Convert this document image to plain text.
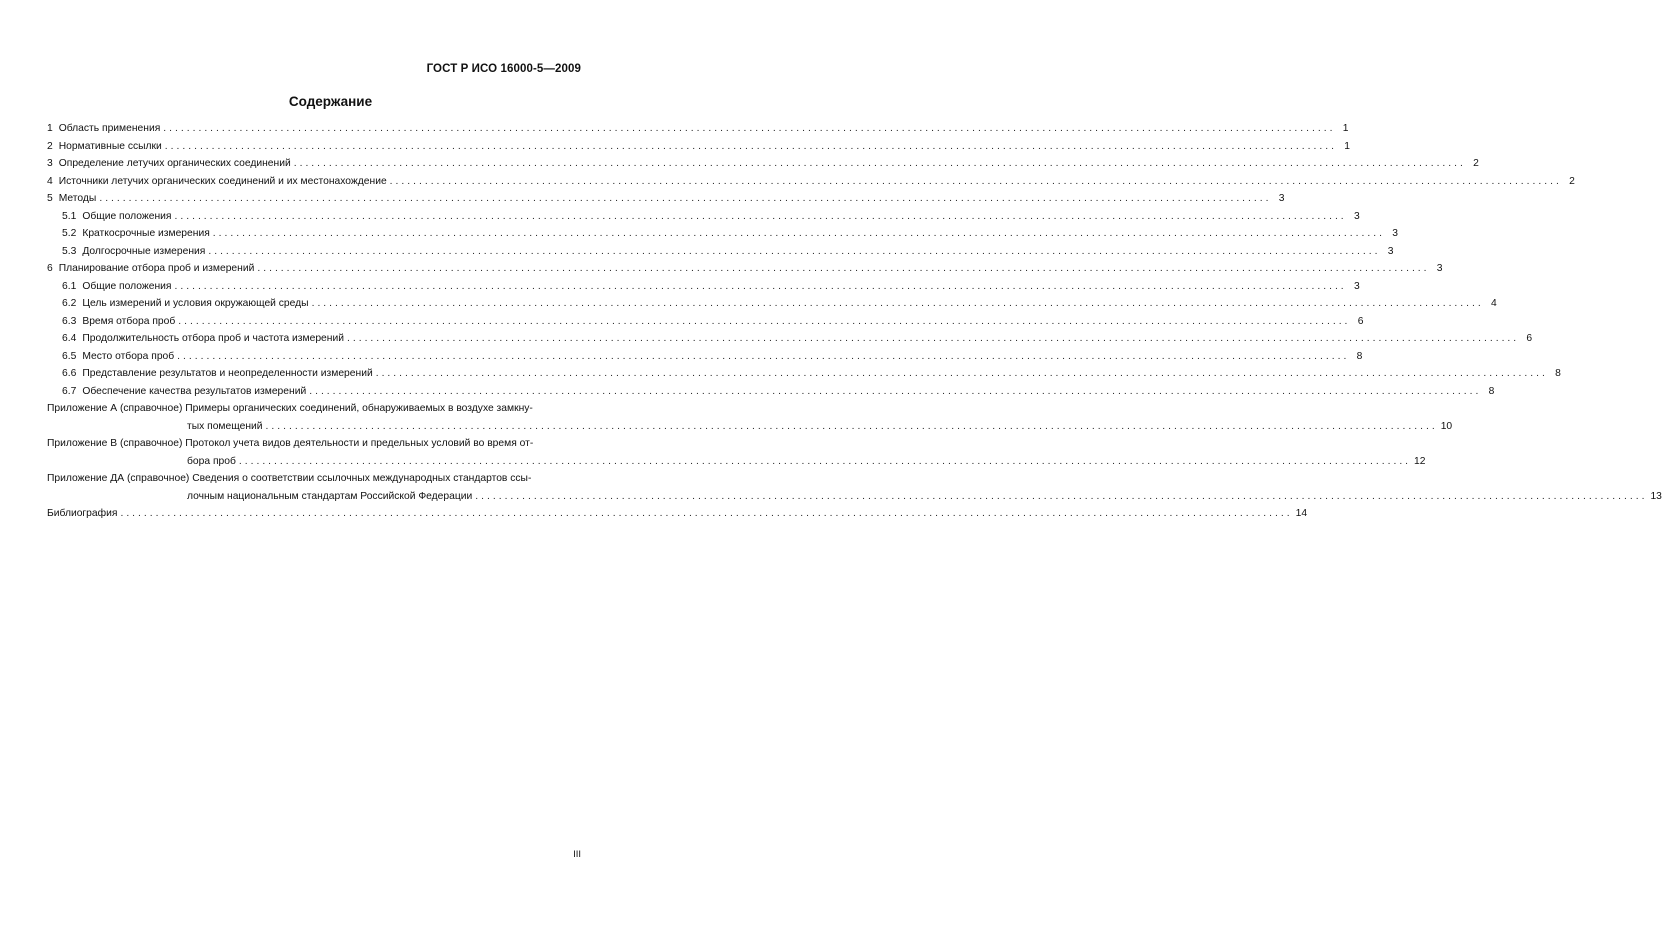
ГОСТ Р ИСО 16000-5—2009
Содержание
1 Область применения ........................................................................................................................................................................................................ 1
2 Нормативные ссылки ........................................................................................................................................................................................................ 1
3 Определение летучих органических соединений ........................................................................................................................................................................................................ 2
4 Источники летучих органических соединений и их местонахождение ........................................................................................................................................................................................................ 2
5 Методы ........................................................................................................................................................................................................ 3
5.1 Общие положения ........................................................................................................................................................................................................ 3
5.2 Краткосрочные измерения ........................................................................................................................................................................................................ 3
5.3 Долгосрочные измерения ........................................................................................................................................................................................................ 3
6 Планирование отбора проб и измерений ........................................................................................................................................................................................................ 3
6.1 Общие положения ........................................................................................................................................................................................................ 3
6.2 Цель измерений и условия окружающей среды ........................................................................................................................................................................................................ 4
6.3 Время отбора проб ........................................................................................................................................................................................................ 6
6.4 Продолжительность отбора проб и частота измерений ........................................................................................................................................................................................................ 6
6.5 Место отбора проб ........................................................................................................................................................................................................ 8
6.6 Представление результатов и неопределенности измерений ........................................................................................................................................................................................................ 8
6.7 Обеспечение качества результатов измерений ........................................................................................................................................................................................................ 8
Приложение А (справочное) Примеры органических соединений, обнаруживаемых в воздухе замкну-
тых помещений ........................................................................................................................................................................................................ 10
Приложение В (справочное) Протокол учета видов деятельности и предельных условий во время от-
бора проб ........................................................................................................................................................................................................ 12
Приложение ДА (справочное) Сведения о соответствии ссылочных международных стандартов ссы-
лочным национальным стандартам Российской Федерации ........................................................................................................................................................................................................ 13
Библиография ........................................................................................................................................................................................................ 14
III
